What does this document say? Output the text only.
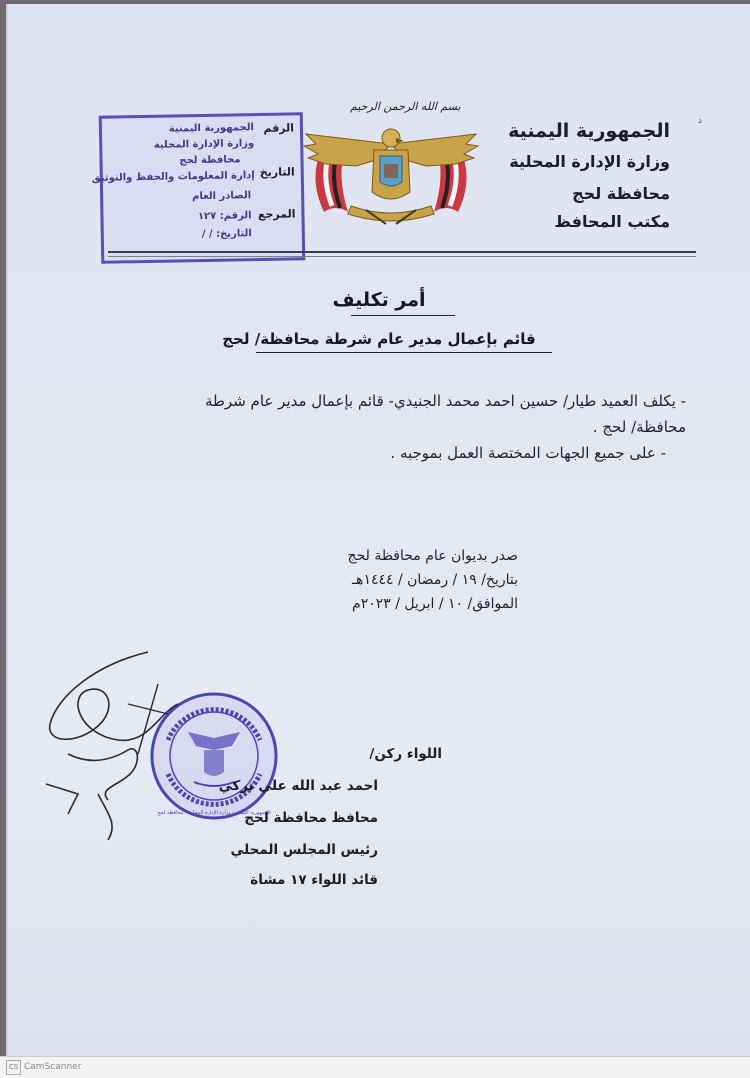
الجمهورية اليمنية
وزارة الإدارة المحلية
محافظة لحج
مكتب المحافظ
د
بسم الله الرحمن الرحيم
الجمهورية اليمنية الرقم
وزارة الإدارة المحلية
محافظة لحج
التاريخ
إدارة المعلومات والحفظ والتوثيق
الصادر العام
المرجع
الرقم: ١٢٧
التاريخ: / /
أمر تكليف
قائم بإعمال مدير عام شرطة محافظة/ لحج
- يكلف العميد طيار/ حسين احمد محمد الجنيدي- قائم بإعمال مدير عام شرطة
محافظة/ لحج .
- على جميع الجهات المختصة العمل بموجبه .
صدر بديوان عام محافظة لحج
بتاريخ/ ١٩ / رمضان / ١٤٤٤هـ
الموافق/ ١٠ / ابريل / ٢٠٢٣م
الجمهورية اليمنية - وزارة الإدارة المحلية - محافظة لحج
اللواء ركن/
احمد عبد الله علي تركي
محافظ محافظة لحج
رئيس المجلس المحلي
قائد اللواء ١٧ مشاة
CS CamScanner
